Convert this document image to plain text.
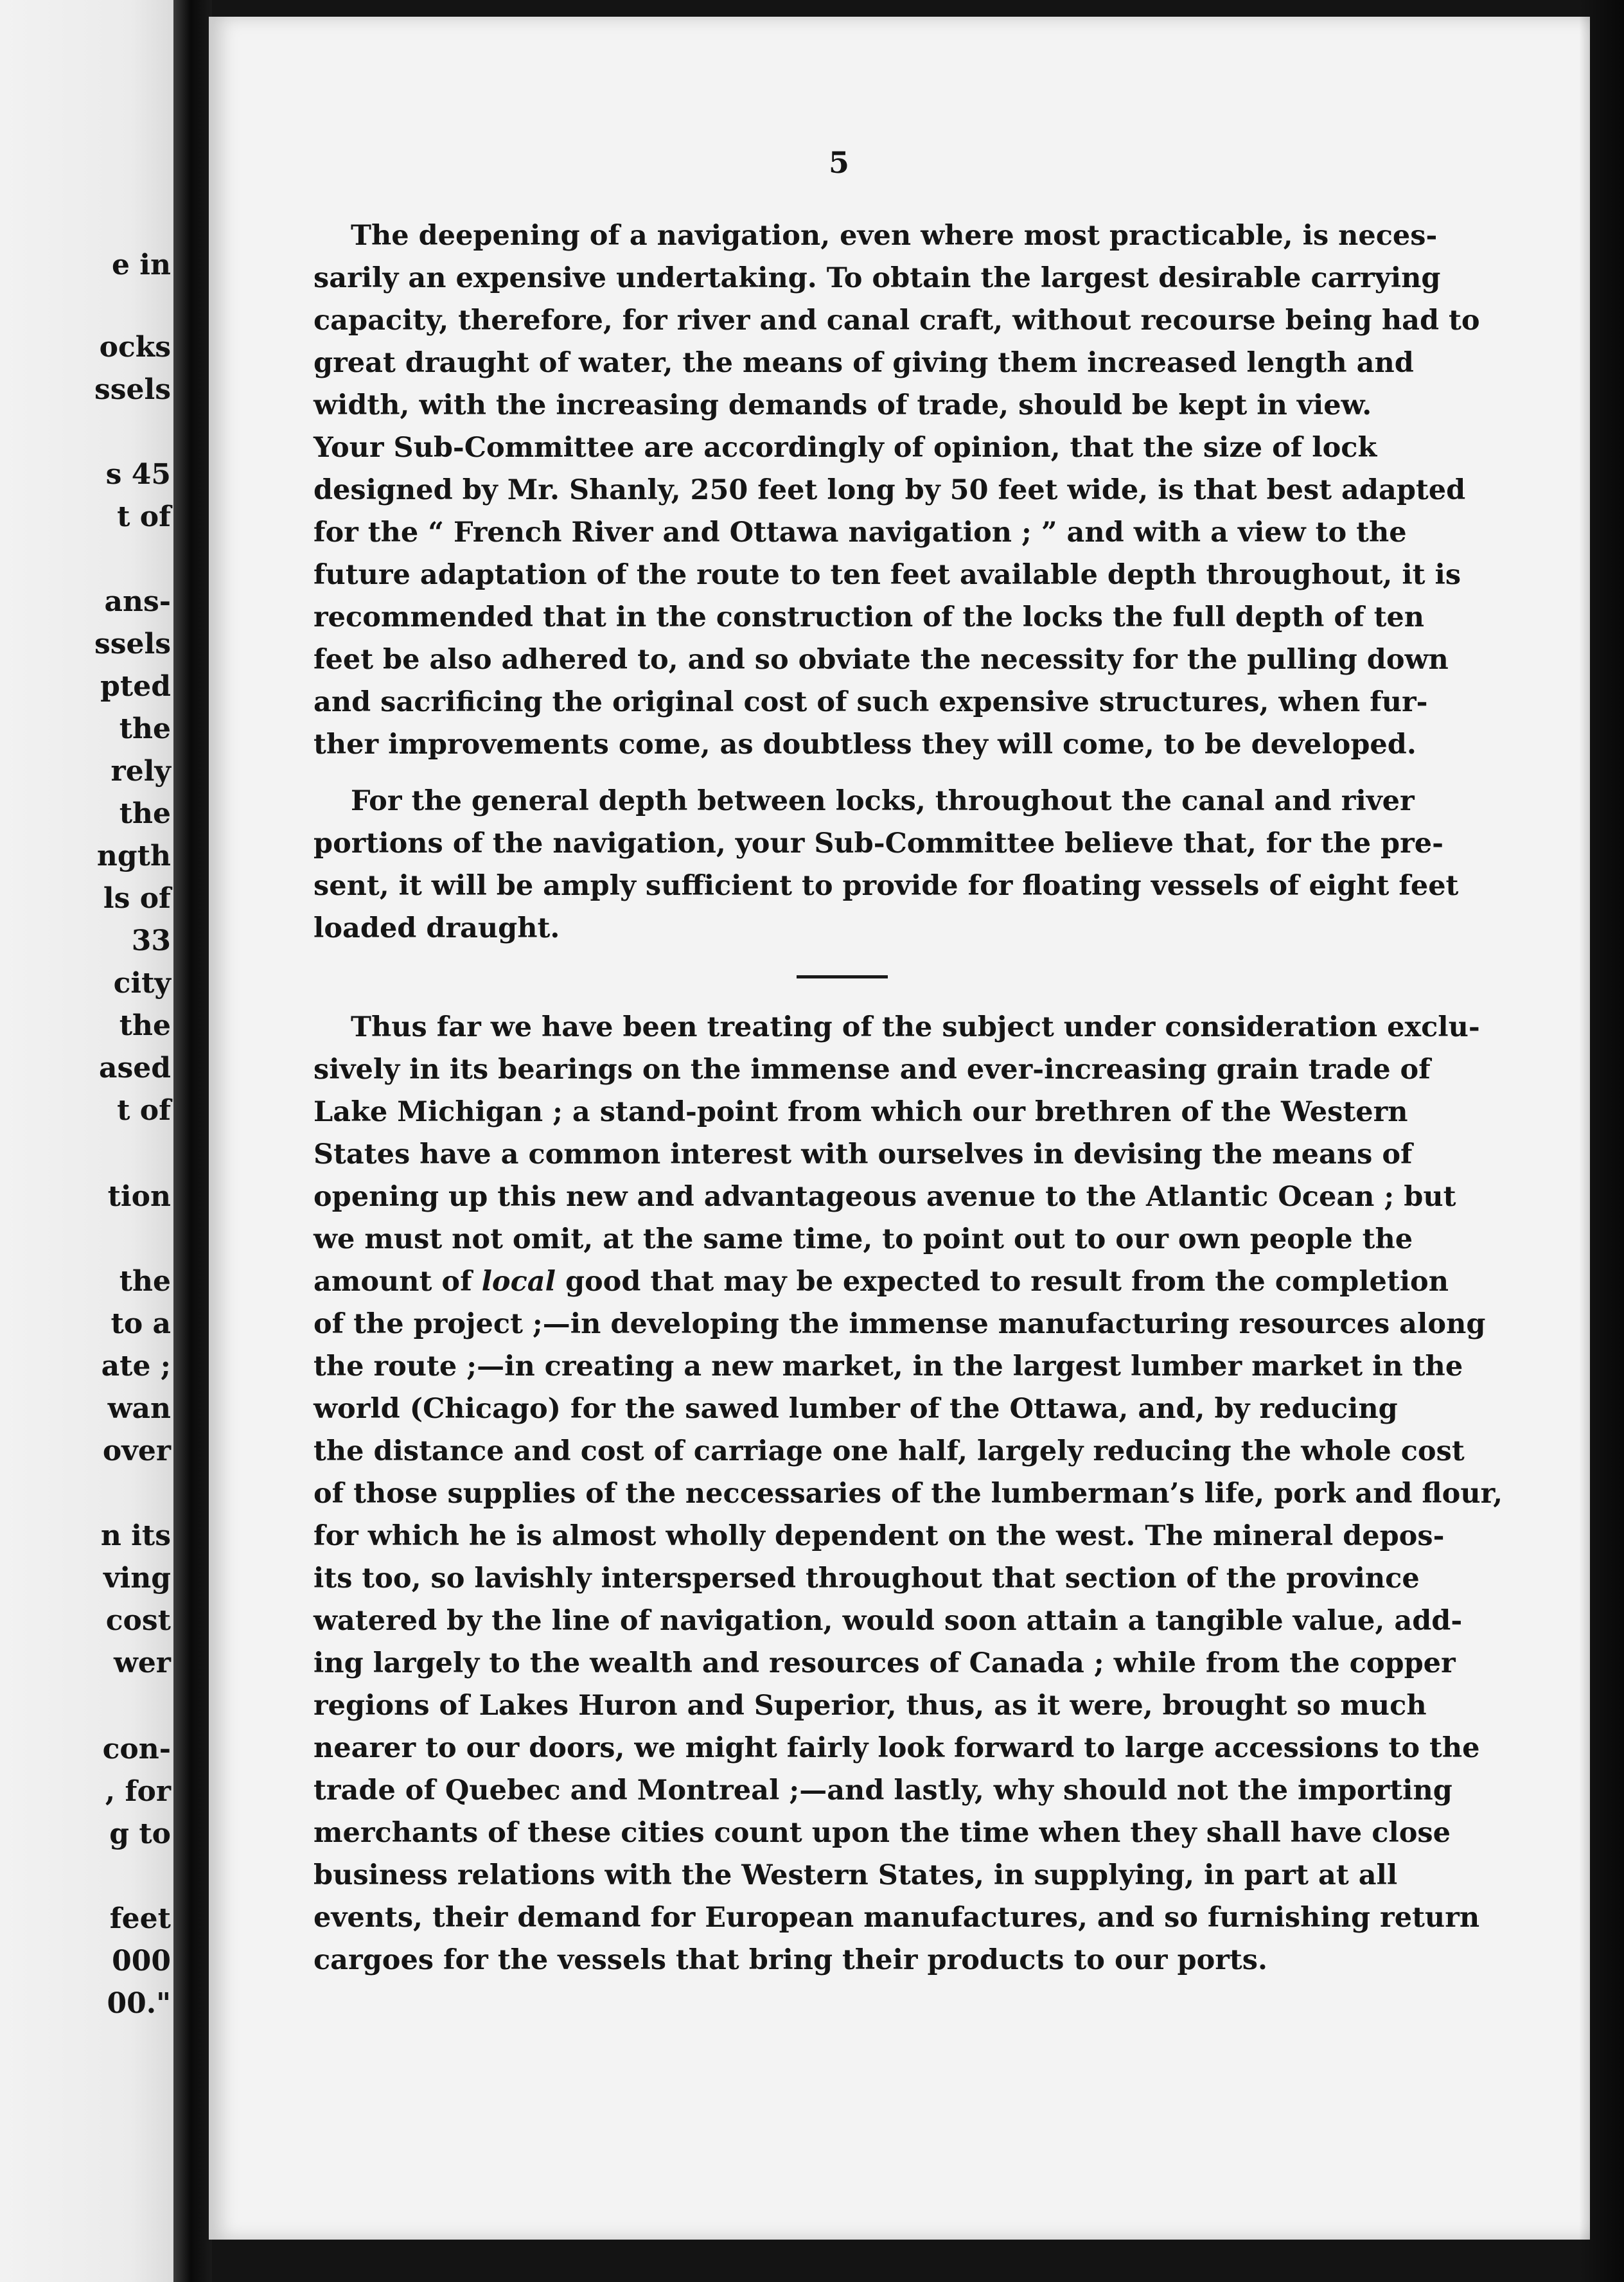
e in
ocks
ssels
s 45
t of
ans-
ssels
pted
the
rely
the
ngth
ls of
33
city
the
ased
t of
tion
the
to a
ate ;
wan
over
n its
ving
cost
wer
con-
, for
g to
feet
000
00."
5
The deepening of a navigation, even where most practicable, is neces-
sarily an expensive undertaking. To obtain the largest desirable carrying
capacity, therefore, for river and canal craft, without recourse being had to
great draught of water, the means of giving them increased length and
width, with the increasing demands of trade, should be kept in view.
Your Sub-Committee are accordingly of opinion, that the size of lock
designed by Mr. Shanly, 250 feet long by 50 feet wide, is that best adapted
for the “ French River and Ottawa navigation ; ” and with a view to the
future adaptation of the route to ten feet available depth throughout, it is
recommended that in the construction of the locks the full depth of ten
feet be also adhered to, and so obviate the necessity for the pulling down
and sacrificing the original cost of such expensive structures, when fur-
ther improvements come, as doubtless they will come, to be developed.
For the general depth between locks, throughout the canal and river
portions of the navigation, your Sub-Committee believe that, for the pre-
sent, it will be amply sufficient to provide for floating vessels of eight feet
loaded draught.
Thus far we have been treating of the subject under consideration exclu-
sively in its bearings on the immense and ever-increasing grain trade of
Lake Michigan ; a stand-point from which our brethren of the Western
States have a common interest with ourselves in devising the means of
opening up this new and advantageous avenue to the Atlantic Ocean ; but
we must not omit, at the same time, to point out to our own people the
amount of local good that may be expected to result from the completion
of the project ;—in developing the immense manufacturing resources along
the route ;—in creating a new market, in the largest lumber market in the
world (Chicago) for the sawed lumber of the Ottawa, and, by reducing
the distance and cost of carriage one half, largely reducing the whole cost
of those supplies of the neccessaries of the lumberman’s life, pork and flour,
for which he is almost wholly dependent on the west. The mineral depos-
its too, so lavishly interspersed throughout that section of the province
watered by the line of navigation, would soon attain a tangible value, add-
ing largely to the wealth and resources of Canada ; while from the copper
regions of Lakes Huron and Superior, thus, as it were, brought so much
nearer to our doors, we might fairly look forward to large accessions to the
trade of Quebec and Montreal ;—and lastly, why should not the importing
merchants of these cities count upon the time when they shall have close
business relations with the Western States, in supplying, in part at all
events, their demand for European manufactures, and so furnishing return
cargoes for the vessels that bring their products to our ports.
